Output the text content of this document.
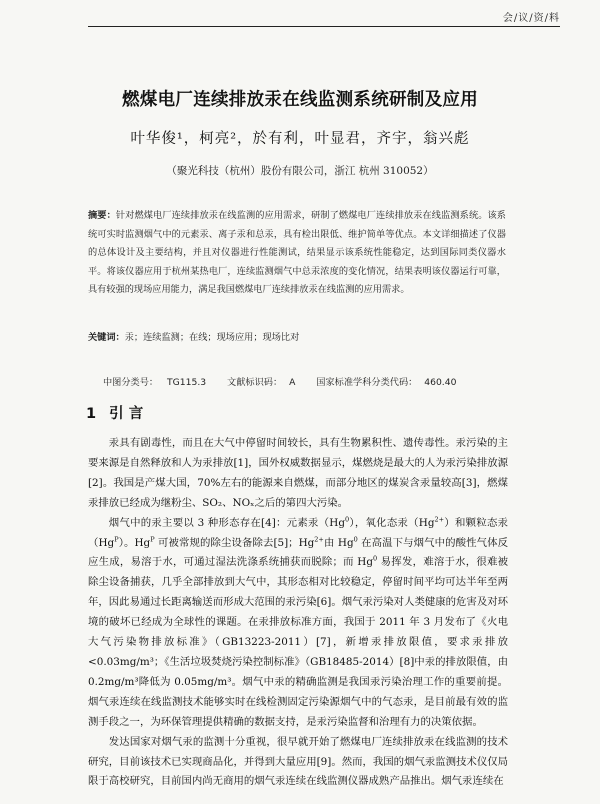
会/议/资/料
燃煤电厂连续排放汞在线监测系统研制及应用
叶华俊¹，柯亮²，於有利，叶显君，齐宇，翁兴彪
（聚光科技（杭州）股份有限公司，浙江 杭州 310052）
摘要：针对燃煤电厂连续排放汞在线监测的应用需求，研制了燃煤电厂连续排放汞在线监测系统。该系统可实时监测烟气中的元素汞、离子汞和总汞，具有检出限低、维护简单等优点。本文详细描述了仪器的总体设计及主要结构，并且对仪器进行性能测试，结果显示该系统性能稳定，达到国际同类仪器水平。将该仪器应用于杭州某热电厂，连续监测烟气中总汞浓度的变化情况，结果表明该仪器运行可靠，具有较强的现场应用能力，满足我国燃煤电厂连续排放汞在线监测的应用需求。
关键词：汞；连续监测；在线；现场应用；现场比对
中图分类号： TG115.3 文献标识码： A 国家标准学科分类代码： 460.40
1 引 言

汞具有剧毒性，而且在大气中停留时间较长，具有生物累积性、遗传毒性。汞污染的主要来源是自然释放和人为汞排放[1]，国外权威数据显示，煤燃烧是最大的人为汞污染排放源[2]。我国是产煤大国，70%左右的能源来自燃煤，而部分地区的煤炭含汞量较高[3]，燃煤汞排放已经成为继粉尘、SO₂、NOₓ之后的第四大污染。

烟气中的汞主要以 3 种形态存在[4]：元素汞（Hg$^0$），氧化态汞$(Hg^{2+})$和颗粒态汞$(Hg^P)$。$Hg^P$ 可被常规的除尘设备除去[5]；$Hg^{2+}$由 Hg$^0$ 在高温下与烟气中的酸性气体反应生成，易溶于水，可通过湿法洗涤系统捕获而脱除；而 Hg$^0$ 易挥发，难溶于水，很难被除尘设备捕获，几乎全部排放到大气中，其形态相对比较稳定，停留时间平均可达半年至两年，因此易通过长距离输送而形成大范围的汞污染[6]。烟气汞污染对人类健康的危害及对环境的破坏已经成为全球性的课题。在汞排放标准方面，我国于 2011 年 3 月发布了《火电大气污染物排放标准》（GB13223-2011）[7]，新增汞排放限值，要求汞排放<0.03mg/m³；《生活垃圾焚烧污染控制标准》（GB18485-2014）[8]中汞的排放限值，由 0.2mg/m³降低为 0.05mg/m³。烟气中汞的精确监测是我国汞污染治理工作的重要前提。烟气汞连续在线监测技术能够实时在线检测固定污染源烟气中的气态汞，是目前最有效的监测手段之一，为环保管理提供精确的数据支持，是汞污染监督和治理有力的决策依据。

发达国家对烟气汞的监测十分重视，很早就开始了燃煤电厂连续排放汞在线监测的技术研究，目前该技术已实现商品化，并得到大量应用[9]。然而，我国的烟气汞监测技术仪仅局限于高校研究，目前国内尚无商用的烟气汞连续在线监测仪器成熟产品推出。烟气汞连续在
